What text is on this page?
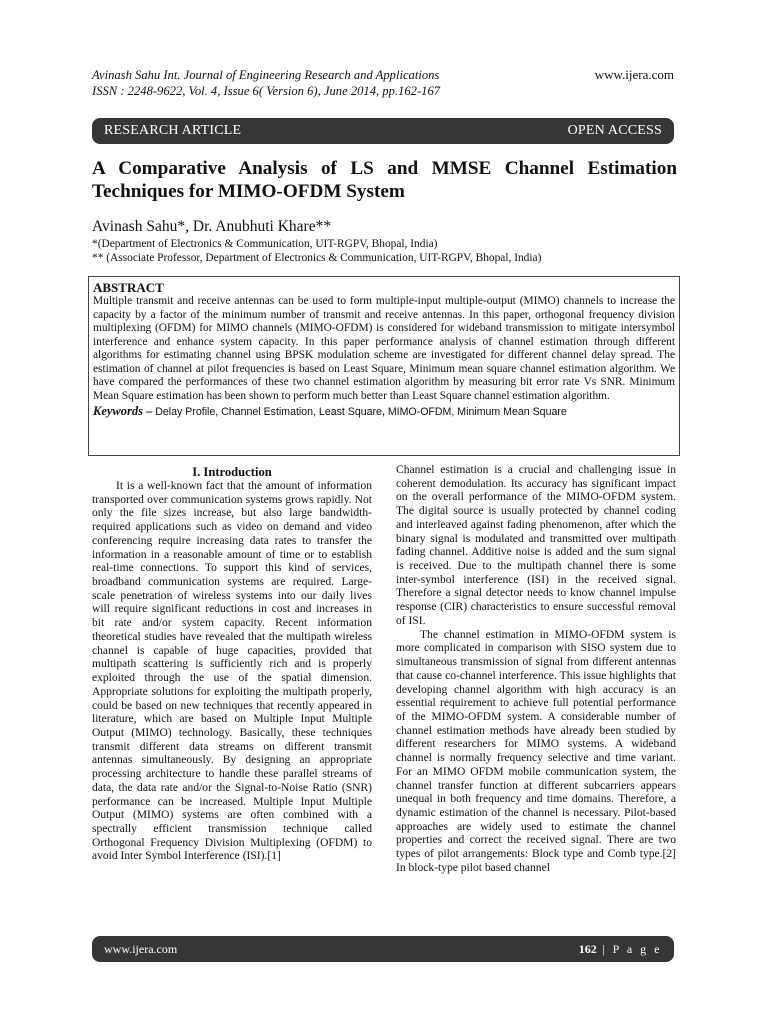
Avinash Sahu Int. Journal of Engineering Research and Applications
ISSN : 2248-9622, Vol. 4, Issue 6( Version 6), June 2014, pp.162-167
www.ijera.com
RESEARCH ARTICLE	OPEN ACCESS
A Comparative Analysis of LS and MMSE Channel Estimation Techniques for MIMO-OFDM System
Avinash Sahu*, Dr. Anubhuti Khare**
*(Department of Electronics & Communication, UIT-RGPV, Bhopal, India)
** (Associate Professor, Department of Electronics & Communication, UIT-RGPV, Bhopal, India)
ABSTRACT

Multiple transmit and receive antennas can be used to form multiple-input multiple-output (MIMO) channels to increase the capacity by a factor of the minimum number of transmit and receive antennas. In this paper, orthogonal frequency division multiplexing (OFDM) for MIMO channels (MIMO-OFDM) is considered for wideband transmission to mitigate intersymbol interference and enhance system capacity. In this paper performance analysis of channel estimation through different algorithms for estimating channel using BPSK modulation scheme are investigated for different channel delay spread. The estimation of channel at pilot frequencies is based on Least Square, Minimum mean square channel estimation algorithm. We have compared the performances of these two channel estimation algorithm by measuring bit error rate Vs SNR. Minimum Mean Square estimation has been shown to perform much better than Least Square channel estimation algorithm.

Keywords – Delay Profile, Channel Estimation, Least Square, MIMO-OFDM, Minimum Mean Square
I. Introduction

It is a well-known fact that the amount of information transported over communication systems grows rapidly. Not only the file sizes increase, but also large bandwidth-required applications such as video on demand and video conferencing require increasing data rates to transfer the information in a reasonable amount of time or to establish real-time connections. To support this kind of services, broadband communication systems are required. Large-scale penetration of wireless systems into our daily lives will require significant reductions in cost and increases in bit rate and/or system capacity. Recent information theoretical studies have revealed that the multipath wireless channel is capable of huge capacities, provided that multipath scattering is sufficiently rich and is properly exploited through the use of the spatial dimension. Appropriate solutions for exploiting the multipath properly, could be based on new techniques that recently appeared in literature, which are based on Multiple Input Multiple Output (MIMO) technology. Basically, these techniques transmit different data streams on different transmit antennas simultaneously. By designing an appropriate processing architecture to handle these parallel streams of data, the data rate and/or the Signal-to-Noise Ratio (SNR) performance can be increased. Multiple Input Multiple Output (MIMO) systems are often combined with a spectrally efficient transmission technique called Orthogonal Frequency Division Multiplexing (OFDM) to avoid Inter Symbol Interference (ISI).[1]

Channel estimation is a crucial and challenging issue in coherent demodulation. Its accuracy has significant impact on the overall performance of the MIMO-OFDM system. The digital source is usually protected by channel coding and interleaved against fading phenomenon, after which the binary signal is modulated and transmitted over multipath fading channel. Additive noise is added and the sum signal is received. Due to the multipath channel there is some inter-symbol interference (ISI) in the received signal. Therefore a signal detector needs to know channel impulse response (CIR) characteristics to ensure successful removal of ISI.

The channel estimation in MIMO-OFDM system is more complicated in comparison with SISO system due to simultaneous transmission of signal from different antennas that cause co-channel interference. This issue highlights that developing channel algorithm with high accuracy is an essential requirement to achieve full potential performance of the MIMO-OFDM system. A considerable number of channel estimation methods have already been studied by different researchers for MIMO systems. A wideband channel is normally frequency selective and time variant. For an MIMO OFDM mobile communication system, the channel transfer function at different subcarriers appears unequal in both frequency and time domains. Therefore, a dynamic estimation of the channel is necessary. Pilot-based approaches are widely used to estimate the channel properties and correct the received signal. There are two types of pilot arrangements: Block type and Comb type.[2] In block-type pilot based channel

www.ijera.com	162 | P a g e
